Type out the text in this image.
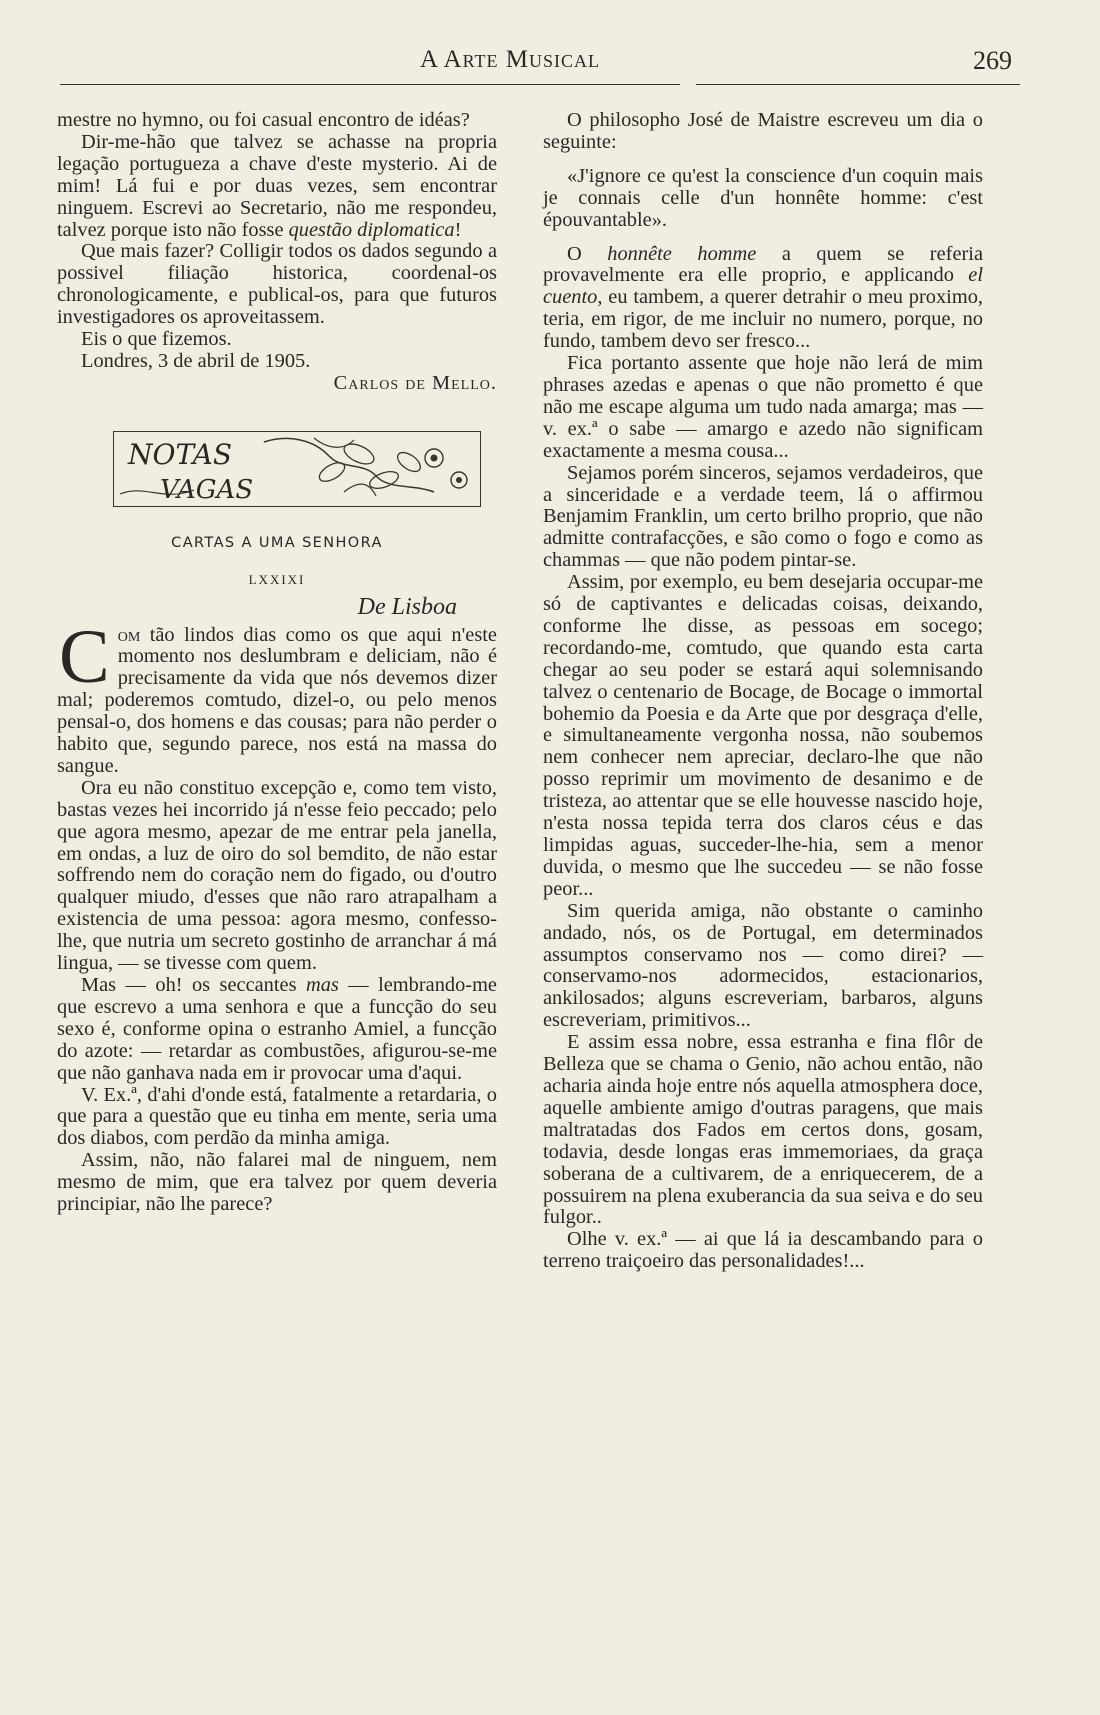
A Arte Musical	269

mestre no hymno, ou foi casual encontro de idéas?

Dir-me-hão que talvez se achasse na propria legação portugueza a chave d'este mysterio. Ai de mim! Lá fui e por duas vezes, sem encontrar ninguem. Escrevi ao Secretario, não me respondeu, talvez porque isto não fosse questão diplomatica!

Que mais fazer? Colligir todos os dados segundo a possivel filiação historica, coordenal-os chronologicamente, e publical-os, para que futuros investigadores os aproveitassem.

Eis o que fizemos.

Londres, 3 de abril de 1905.

Carlos de Mello.

NOTAS
VAGAS
CARTAS A UMA SENHORA
LXXIXI
De Lisboa
C om tão lindos dias como os que aqui n'este momento nos deslumbram e deliciam, não é precisamente da vida que nós devemos dizer mal; poderemos comtudo, dizel-o, ou pelo menos pensal-o, dos homens e das cousas; para não perder o habito que, segundo parece, nos está na massa do sangue.

Ora eu não constituo excepção e, como tem visto, bastas vezes hei incorrido já n'esse feio peccado; pelo que agora mesmo, apezar de me entrar pela janella, em ondas, a luz de oiro do sol bemdito, de não estar soffrendo nem do coração nem do figado, ou d'outro qualquer miudo, d'esses que não raro atrapalham a existencia de uma pessoa: agora mesmo, confesso-lhe, que nutria um secreto gostinho de arranchar á má lingua, — se tivesse com quem.

Mas — oh! os seccantes mas — lembrando-me que escrevo a uma senhora e que a funcção do seu sexo é, conforme opina o estranho Amiel, a funcção do azote: — retardar as combustões, afigurou-se-me que não ganhava nada em ir provocar uma d'aqui.

V. Ex.ª, d'ahi d'onde está, fatalmente a retardaria, o que para a questão que eu tinha em mente, seria uma dos diabos, com perdão da minha amiga.

Assim, não, não falarei mal de ninguem, nem mesmo de mim, que era talvez por quem deveria principiar, não lhe parece?

O philosopho José de Maistre escreveu um dia o seguinte:

«J'ignore ce qu'est la conscience d'un coquin mais je connais celle d'un honnête homme: c'est épouvantable».

O honnête homme a quem se referia provavelmente era elle proprio, e applicando el cuento, eu tambem, a querer detrahir o meu proximo, teria, em rigor, de me incluir no numero, porque, no fundo, tambem devo ser fresco...

Fica portanto assente que hoje não lerá de mim phrases azedas e apenas o que não prometto é que não me escape alguma um tudo nada amarga; mas — v. ex.ª o sabe — amargo e azedo não significam exactamente a mesma cousa...

Sejamos porém sinceros, sejamos verdadeiros, que a sinceridade e a verdade teem, lá o affirmou Benjamim Franklin, um certo brilho proprio, que não admitte contrafacções, e são como o fogo e como as chammas — que não podem pintar-se.

Assim, por exemplo, eu bem desejaria occupar-me só de captivantes e delicadas coisas, deixando, conforme lhe disse, as pessoas em socego; recordando-me, comtudo, que quando esta carta chegar ao seu poder se estará aqui solemnisando talvez o centenario de Bocage, de Bocage o immortal bohemio da Poesia e da Arte que por desgraça d'elle, e simultaneamente vergonha nossa, não soubemos nem conhecer nem apreciar, declaro-lhe que não posso reprimir um movimento de desanimo e de tristeza, ao attentar que se elle houvesse nascido hoje, n'esta nossa tepida terra dos claros céus e das limpidas aguas, succeder-lhe-hia, sem a menor duvida, o mesmo que lhe succedeu — se não fosse peor...

Sim querida amiga, não obstante o caminho andado, nós, os de Portugal, em determinados assumptos conservamo nos — como direi? — conservamo-nos adormecidos, estacionarios, ankilosados; alguns escreveriam, barbaros, alguns escreveriam, primitivos...

E assim essa nobre, essa estranha e fina flôr de Belleza que se chama o Genio, não achou então, não acharia ainda hoje entre nós aquella atmosphera doce, aquelle ambiente amigo d'outras paragens, que mais maltratadas dos Fados em certos dons, gosam, todavia, desde longas eras immemoriaes, da graça soberana de a cultivarem, de a enriquecerem, de a possuirem na plena exuberancia da sua seiva e do seu fulgor..

Olhe v. ex.ª — ai que lá ia descambando para o terreno traiçoeiro das personalidades!...
